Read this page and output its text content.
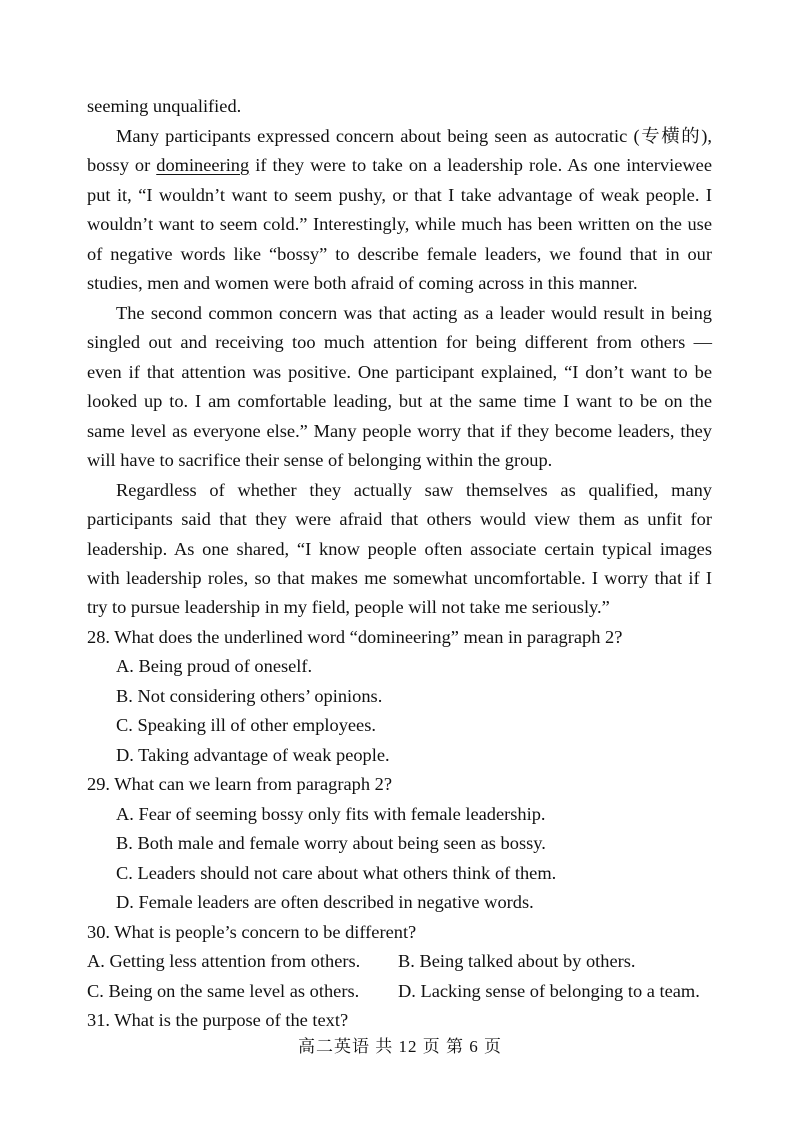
seeming unqualified.
Many participants expressed concern about being seen as autocratic (专横的),
bossy or domineering if they were to take on a leadership role. As one interviewee
put it, “I wouldn’t want to seem pushy, or that I take advantage of weak people. I
wouldn’t want to seem cold.” Interestingly, while much has been written on the use
of negative words like “bossy” to describe female leaders, we found that in our
studies, men and women were both afraid of coming across in this manner.
The second common concern was that acting as a leader would result in being
singled out and receiving too much attention for being different from others —
even if that attention was positive. One participant explained, “I don’t want to be
looked up to. I am comfortable leading, but at the same time I want to be on the
same level as everyone else.” Many people worry that if they become leaders, they
will have to sacrifice their sense of belonging within the group.
Regardless of whether they actually saw themselves as qualified, many
participants said that they were afraid that others would view them as unfit for
leadership. As one shared, “I know people often associate certain typical images
with leadership roles, so that makes me somewhat uncomfortable. I worry that if I
try to pursue leadership in my field, people will not take me seriously.”
28. What does the underlined word “domineering” mean in paragraph 2?
A. Being proud of oneself.
B. Not considering others’ opinions.
C. Speaking ill of other employees.
D. Taking advantage of weak people.
29. What can we learn from paragraph 2?
A. Fear of seeming bossy only fits with female leadership.
B. Both male and female worry about being seen as bossy.
C. Leaders should not care about what others think of them.
D. Female leaders are often described in negative words.
30. What is people’s concern to be different?
A. Getting less attention from others. B. Being talked about by others.
C. Being on the same level as others. D. Lacking sense of belonging to a team.
31. What is the purpose of the text?
高二英语 共 12 页 第 6 页
